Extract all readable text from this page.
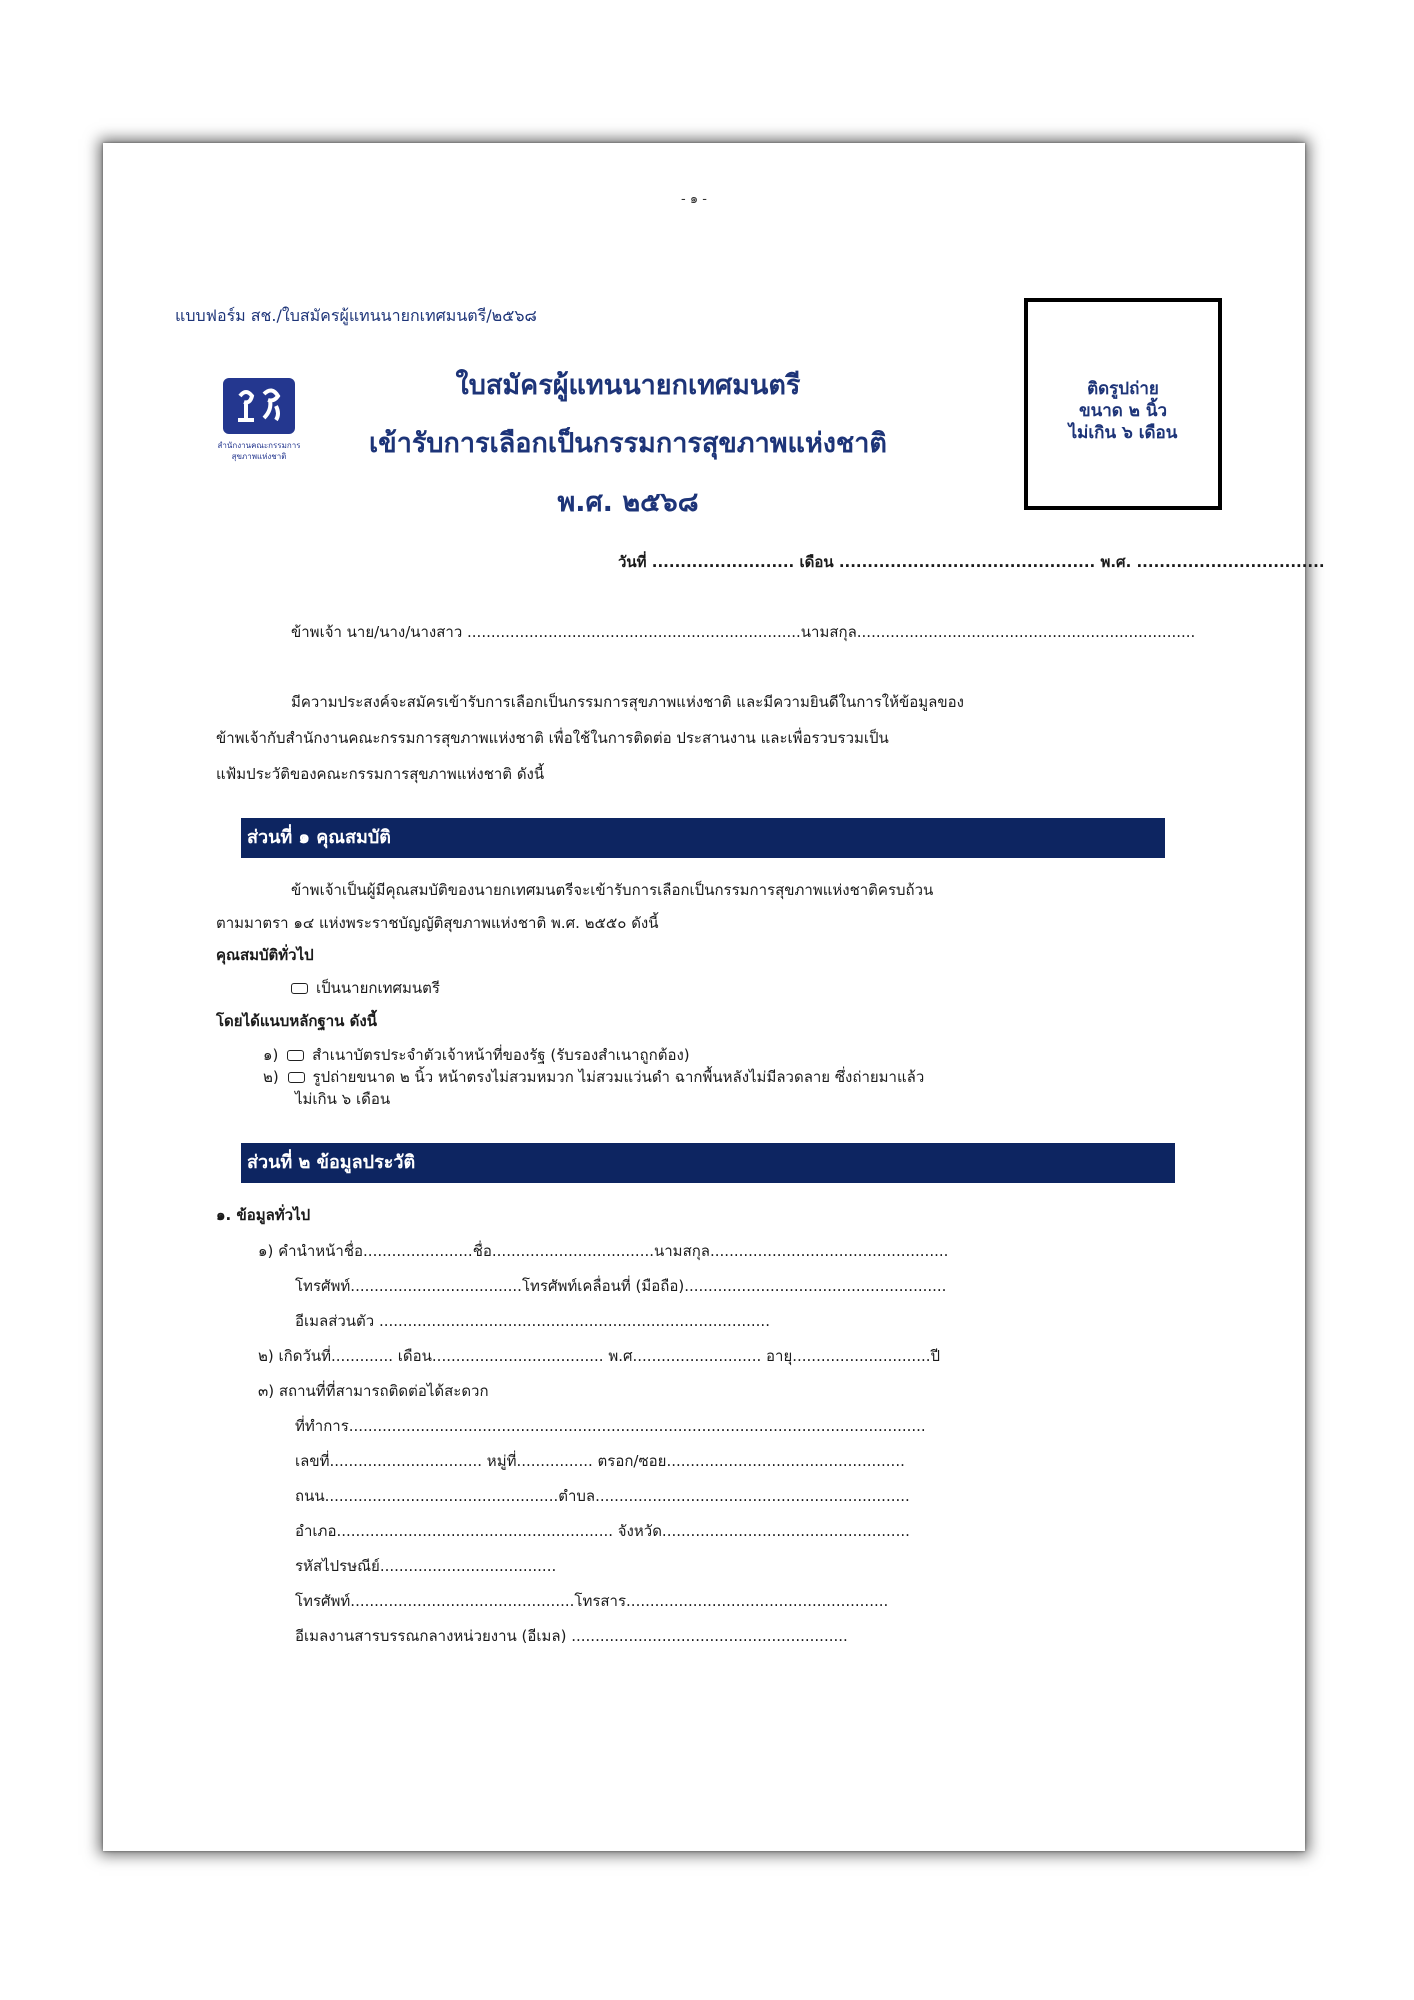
- ๑ -
แบบฟอร์ม สช./ใบสมัครผู้แทนนายกเทศมนตรี/๒๕๖๘
ติดรูปถ่าย
ขนาด ๒ นิ้ว
ไม่เกิน ๖ เดือน
สำนักงานคณะกรรมการ
สุขภาพแห่งชาติ
ใบสมัครผู้แทนนายกเทศมนตรี
เข้ารับการเลือกเป็นกรรมการสุขภาพแห่งชาติ
พ.ศ. ๒๕๖๘
วันที่ ......................... เดือน ............................................. พ.ศ. .................................
ข้าพเจ้า นาย/นาง/นางสาว ......................................................................นามสกุล.......................................................................
มีความประสงค์จะสมัครเข้ารับการเลือกเป็นกรรมการสุขภาพแห่งชาติ และมีความยินดีในการให้ข้อมูลของ
ข้าพเจ้ากับสำนักงานคณะกรรมการสุขภาพแห่งชาติ เพื่อใช้ในการติดต่อ ประสานงาน และเพื่อรวบรวมเป็น
แฟ้มประวัติของคณะกรรมการสุขภาพแห่งชาติ ดังนี้
ส่วนที่ ๑ คุณสมบัติ
ข้าพเจ้าเป็นผู้มีคุณสมบัติของนายกเทศมนตรีจะเข้ารับการเลือกเป็นกรรมการสุขภาพแห่งชาติครบถ้วน
ตามมาตรา ๑๔ แห่งพระราชบัญญัติสุขภาพแห่งชาติ พ.ศ. ๒๕๕๐ ดังนี้
คุณสมบัติทั่วไป
เป็นนายกเทศมนตรี
โดยได้แนบหลักฐาน ดังนี้
๑) สำเนาบัตรประจำตัวเจ้าหน้าที่ของรัฐ (รับรองสำเนาถูกต้อง)
๒) รูปถ่ายขนาด ๒ นิ้ว หน้าตรงไม่สวมหมวก ไม่สวมแว่นดำ ฉากพื้นหลังไม่มีลวดลาย ซึ่งถ่ายมาแล้ว
ไม่เกิน ๖ เดือน
ส่วนที่ ๒ ข้อมูลประวัติ
๑. ข้อมูลทั่วไป
๑) คำนำหน้าชื่อ.......................ชื่อ..................................นามสกุล..................................................
โทรศัพท์....................................โทรศัพท์เคลื่อนที่ (มือถือ).......................................................
อีเมลส่วนตัว ..................................................................................
๒) เกิดวันที่............. เดือน.................................... พ.ศ........................... อายุ.............................ปี
๓) สถานที่ที่สามารถติดต่อได้สะดวก
ที่ทำการ.........................................................................................................................
เลขที่................................ หมู่ที่................ ตรอก/ซอย..................................................
ถนน.................................................ตำบล..................................................................
อำเภอ.......................................................... จังหวัด....................................................
รหัสไปรษณีย์.....................................
โทรศัพท์...............................................โทรสาร.......................................................
อีเมลงานสารบรรณกลางหน่วยงาน (อีเมล) ..........................................................
